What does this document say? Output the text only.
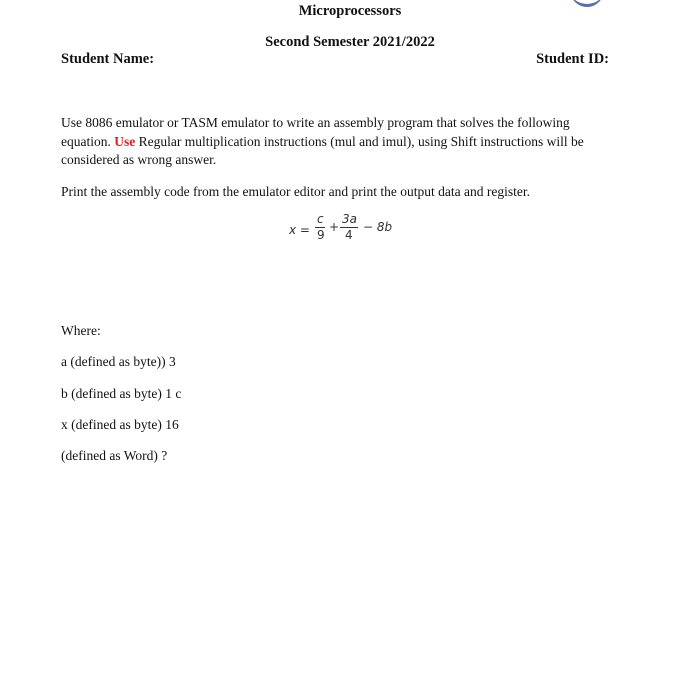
Microprocessors
Second Semester 2021/2022
Student Name:	Student ID:
Use 8086 emulator or TASM emulator to write an assembly program that solves the following equation. Use Regular multiplication instructions (mul and imul), using Shift instructions will be considered as wrong answer.
Print the assembly code from the emulator editor and print the output data and register.
x =
c
9
+
3a
4
− 8b
Where:
a (defined as byte)) 3
b (defined as byte) 1 c
x (defined as byte) 16
(defined as Word) ?
